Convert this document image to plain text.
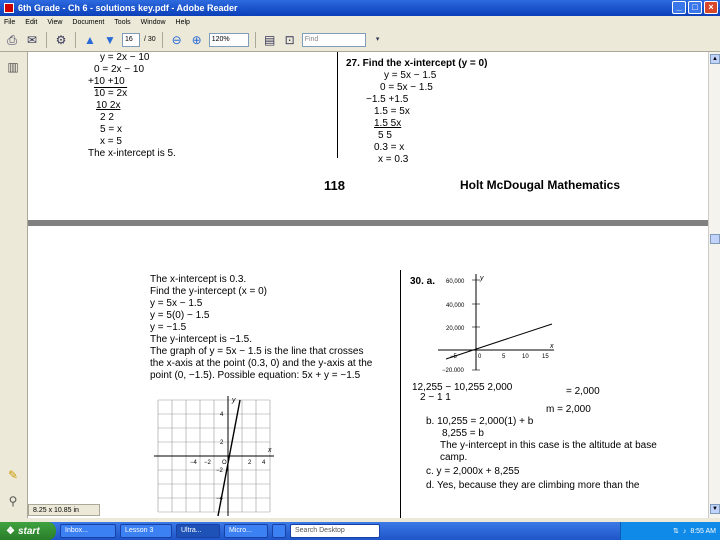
6th Grade - Ch 6 - solutions key.pdf - Adobe Reader	_	□	×
File Edit View Document Tools Window Help
⎙ ✉ ⚙ ▲ ▼	16	/ 30 ⊖ ⊕	120%	▤ ⊡	Find	▾
▥
✎
⚲
y = 2x − 10
0 = 2x − 10
+10 +10
10 = 2x
10 2x
2 2
5 = x
x = 5
The x-intercept is 5.
27. Find the x-intercept (y = 0)
y = 5x − 1.5
0 = 5x − 1.5
−1.5 +1.5
1.5 = 5x
1.5 5x
5 5
0.3 = x
x = 0.3
118	Holt McDougal Mathematics
The x-intercept is 0.3.
Find the y-intercept (x = 0)
y = 5x − 1.5
y = 5(0) − 1.5
y = −1.5
The y-intercept is −1.5.
The graph of y = 5x − 1.5 is the line that crosses
the x-axis at the point (0.3, 0) and the y-axis at the
point (0, −1.5). Possible equation: 5x + y = −1.5
y
x
4
2
−2
−4
−4 −2 O	2 4
30. a.	y
x
60,000
40,000
20,000
−20,000
−5	0	5	10 15
12,255 − 10,255 2,000
2 − 1 1
= 2,000
m = 2,000
b. 10,255 = 2,000(1) + b
8,255 = b
The y-intercept in this case is the altitude at base
camp.
c. y = 2,000x + 8,255
d. Yes, because they are climbing more than the
8.25 x 10.85 in
▲
▼
❖ start	Inbox...	Lesson 3	Ultra...	Micro...	Search Desktop	⇅ ♪ 8:55 AM
